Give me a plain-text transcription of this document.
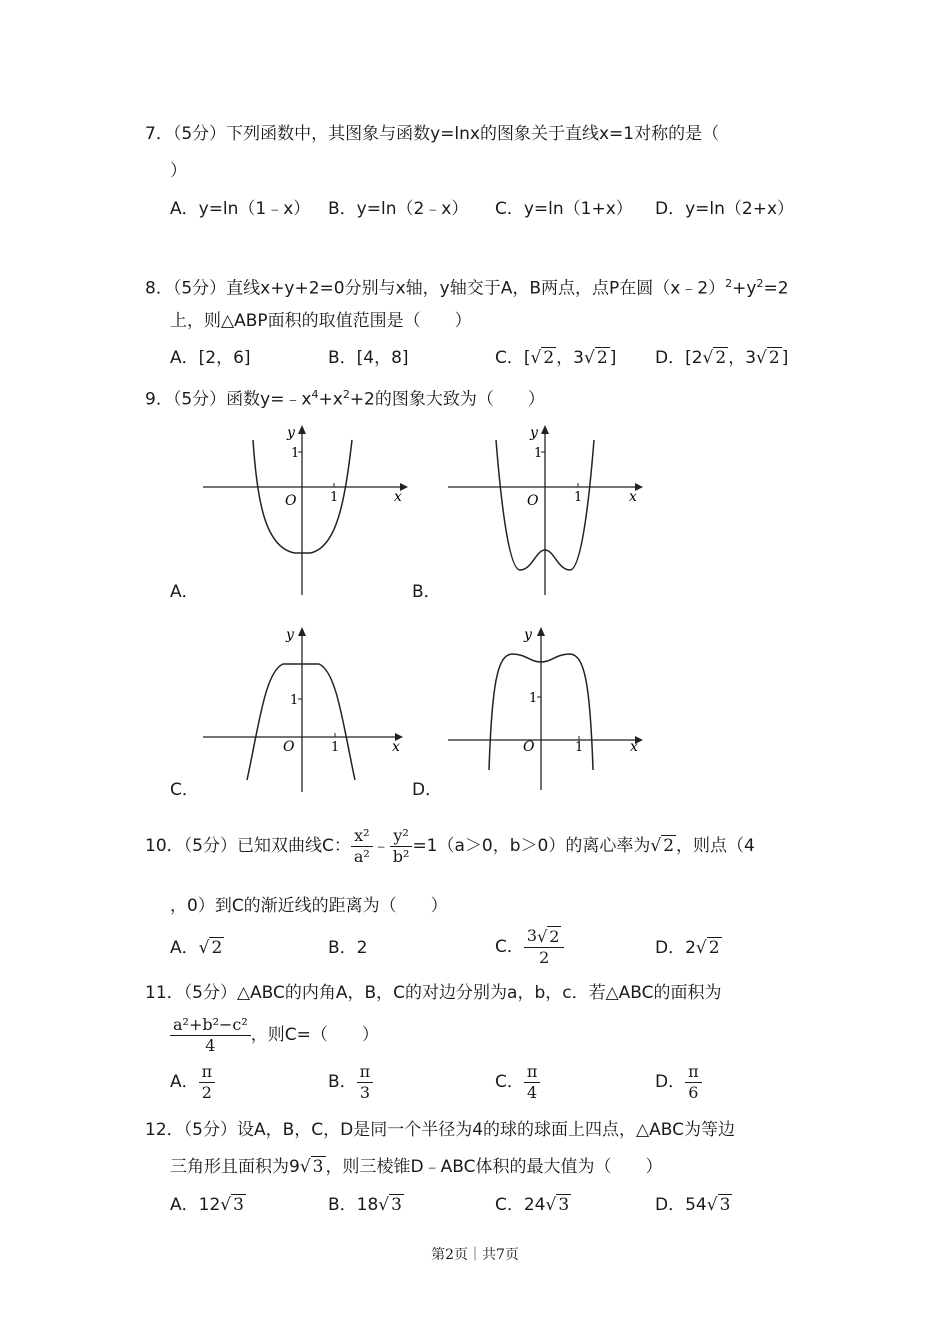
7．（5分）下列函数中，其图象与函数y=lnx的图象关于直线x=1对称的是（
）
A．y=ln（1﹣x） B．y=ln（2﹣x） C．y=ln（1+x） D．y=ln（2+x）
8．（5分）直线x+y+2=0分别与x轴，y轴交于A，B两点，点P在圆$(x﹣2)^2+y^2=2$
上，则△ABP面积的取值范围是（　　）
A．[2，6]	B．[4，8]	C．[√ 2 ，3√ 2 ] D．[2√ 2 ，3√ 2 ]
9．（5分）函数$y=﹣x^4+x^2+2$的图象大致为（　　）
y
x
O
1
1
A．
y
x
O
1
1
B．
y
x
O
1
1
C．
y
x
O
1
1
D．
10．（5分）已知双曲线C： $\frac{\text{x²}}{\text{a²}}$ ﹣ $\frac{\text{y²}}{\text{b²}} =1(a>0$，b＞0）的离心率为√ 2 ，则点（4
，0）到C的渐近线的距离为（　　）
A．√ 2	B．2	C． $\frac{3√ 2}{2}$	D．2√ 2
11．（5分）△ABC的内角A，B，C的对边分别为a，b，c．若△ABC的面积为
$\frac{\text{a²+b²−c²}}{4}$ ，则C=（　　）
A． $\frac{\pi}{2}$	B． $\frac{\pi}{3}$	C． $\frac{\pi}{4}$	D． $\frac{\pi}{6}$
12．（5分）设A，B，C，D是同一个半径为4的球的球面上四点，△ABC为等边
三角形且面积为9√ 3 ，则三棱锥D﹣ABC体积的最大值为（　　）
A．12√ 3	B．18√ 3	C．24√ 3	D．54√ 3
第2页｜共7页
